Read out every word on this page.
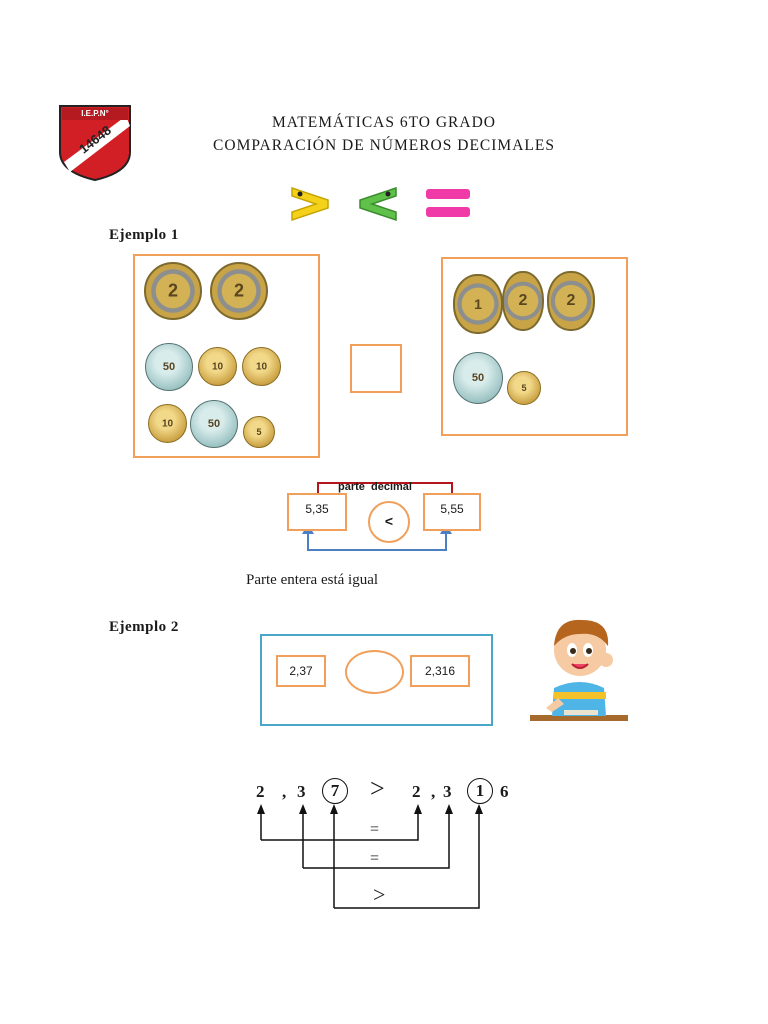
I.E.P.N°
14648	MATEMÁTICAS 6TO GRADO
COMPARACIÓN DE NÚMEROS DECIMALES
Ejemplo 1
2	2
50	10	10
10	50
5
1	2	2
50
5
parte  decimal
5,35
<
5,55
Parte entera está igual
Ejemplo 2
2,37	2,316
2 , 3	7	> 2 , 3	1 6
=
=
>
